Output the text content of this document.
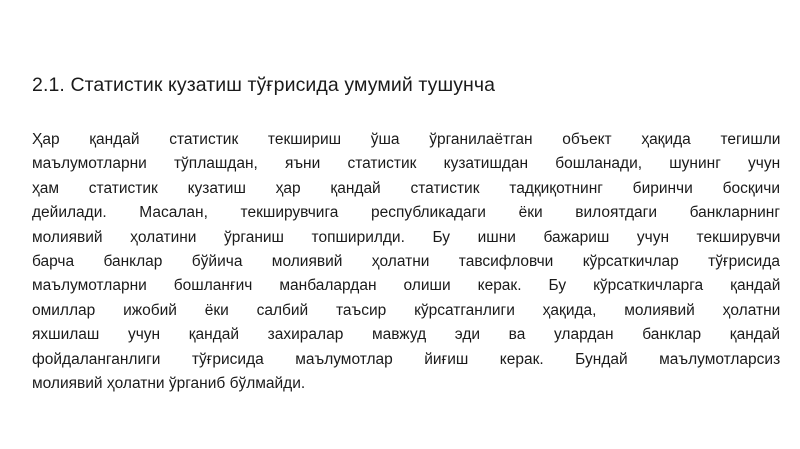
2.1. Статистик кузатиш тўғрисида умумий тушунча
Ҳар қандай статистик текшириш ўша ўрганилаётган объект ҳақида тегишли
маълумотларни тўплашдан, яъни статистик кузатишдан бошланади, шунинг учун
ҳам статистик кузатиш ҳар қандай статистик тадқиқотнинг биринчи босқичи
дейилади. Масалан, текширувчига республикадаги ёки вилоятдаги банкларнинг
молиявий ҳолатини ўрганиш топширилди. Бу ишни бажариш учун текширувчи
барча банклар бўйича молиявий ҳолатни тавсифловчи кўрсаткичлар тўғрисида
маълумотларни бошланғич манбалардан олиши керак. Бу кўрсаткичларга қандай
омиллар ижобий ёки салбий таъсир кўрсатганлиги ҳақида, молиявий ҳолатни
яхшилаш учун қандай захиралар мавжуд эди ва улардан банклар қандай
фойдаланганлиги тўғрисида маълумотлар йиғиш керак. Бундай маълумотларсиз
молиявий ҳолатни ўрганиб бўлмайди.
